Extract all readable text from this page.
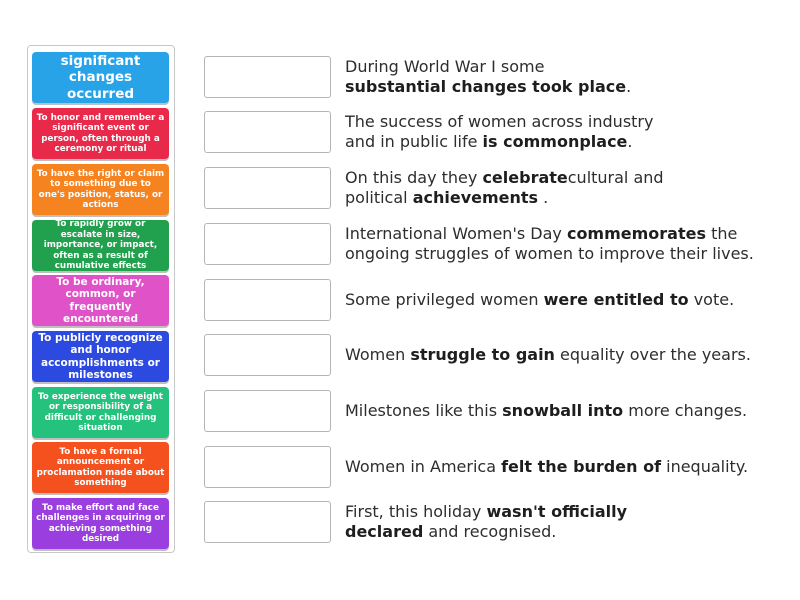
significant changes occurred
To honor and remember a significant event or person, often through a ceremony or ritual
To have the right or claim to something due to one's position, status, or actions
To rapidly grow or escalate in size, importance, or impact, often as a result of cumulative effects
To be ordinary, common, or frequently encountered
To publicly recognize and honor accomplishments or milestones
To experience the weight or responsibility of a difficult or challenging situation
To have a formal announcement or proclamation made about something
To make effort and face challenges in acquiring or achieving something desired
During World War I some
substantial changes took place.
The success of women across industry and in public life is commonplace.
On this day they celebratecultural and political achievements .
International Women's Day commemorates the ongoing struggles of women to improve their lives.
Some privileged women were entitled to vote.
Women struggle to gain equality over the years.
Milestones like this snowball into more changes.
Women in America felt the burden of inequality.
First, this holiday wasn't officially declared and recognised.
